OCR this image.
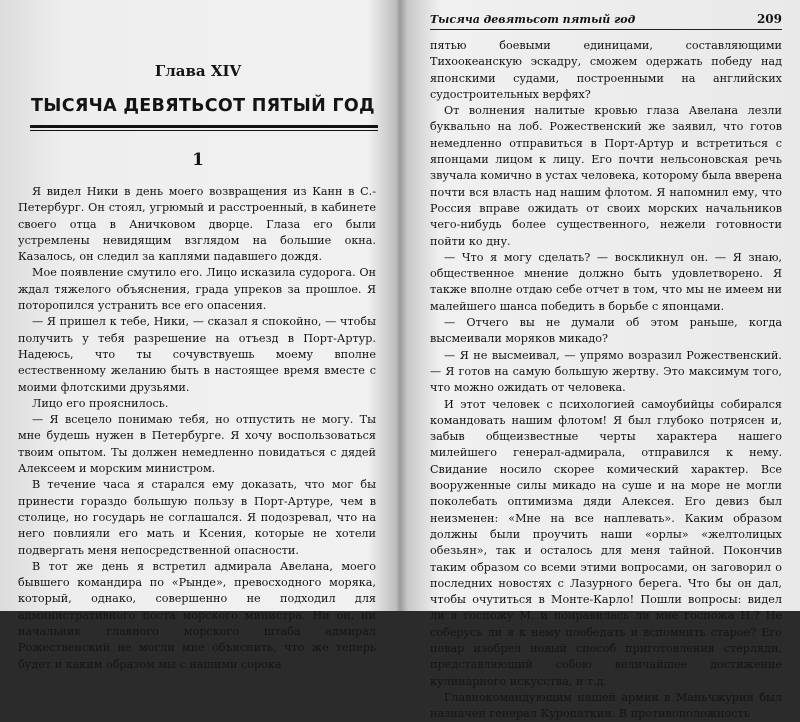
Глава XIV
ТЫСЯЧА ДЕВЯТЬСОТ ПЯТЫЙ ГОД
1

Я видел Ники в день моего возвращения из Канн в С.-Петербург. Он стоял, угрюмый и расстроенный, в кабинете своего отца в Аничковом дворце. Глаза его были устремлены невидящим взглядом на большие окна. Казалось, он следил за каплями падавшего дождя.

Мое появление смутило его. Лицо исказила судорога. Он ждал тяжелого объяснения, града упреков за прошлое. Я поторопился устранить все его опасения.

— Я пришел к тебе, Ники, — сказал я спокойно, — чтобы получить у тебя разрешение на отъезд в Порт-Артур. Надеюсь, что ты сочувствуешь моему вполне естественному желанию быть в настоящее время вместе с моими флотскими друзьями.

Лицо его прояснилось.

— Я всецело понимаю тебя, но отпустить не могу. Ты мне будешь нужен в Петербурге. Я хочу воспользоваться твоим опытом. Ты должен немедленно повидаться с дядей Алексеем и морским министром.

В течение часа я старался ему доказать, что мог бы принести гораздо большую пользу в Порт-Артуре, чем в столице, но государь не соглашался. Я подозревал, что на него повлияли его мать и Ксения, которые не хотели подвергать меня непосредственной опасности.

В тот же день я встретил адмирала Авелана, моего бывшего командира по «Рынде», превосходного моряка, который, однако, совершенно не подходил для административного поста морского министра. Ни он, ни начальник главного морского штаба адмирал Рожественский не могли мне объяснить, что же теперь будет и каким образом мы с нашими сорока

Тысяча девятьсот пятый год	209

пятью боевыми единицами, составляющими Тихоокеанскую эскадру, сможем одержать победу над японскими судами, построенными на английских судостроительных верфях?

От волнения налитые кровью глаза Авелана лезли буквально на лоб. Рожественский же заявил, что готов немедленно отправиться в Порт-Артур и встретиться с японцами лицом к лицу. Его почти нельсоновская речь звучала комично в устах человека, которому была вверена почти вся власть над нашим флотом. Я напомнил ему, что Россия вправе ожидать от своих морских начальников чего-нибудь более существенного, нежели готовности пойти ко дну.

— Что я могу сделать? — воскликнул он. — Я знаю, общественное мнение должно быть удовлетворено. Я также вполне отдаю себе отчет в том, что мы не имеем ни малейшего шанса победить в борьбе с японцами.

— Отчего вы не думали об этом раньше, когда высмеивали моряков микадо?

— Я не высмеивал, — упрямо возразил Рожественский. — Я готов на самую большую жертву. Это максимум того, что можно ожидать от человека.

И этот человек с психологией самоубийцы собирался командовать нашим флотом! Я был глубоко потрясен и, забыв общеизвестные черты характера нашего милейшего генерал-адмирала, отправился к нему. Свидание носило скорее комический характер. Все вооруженные силы микадо на суше и на море не могли поколебать оптимизма дяди Алексея. Его девиз был неизменен: «Мне на все наплевать». Каким образом должны были проучить наши «орлы» «желтолицых обезьян», так и осталось для меня тайной. Покончив таким образом со всеми этими вопросами, он заговорил о последних новостях с Лазурного берега. Что бы он дал, чтобы очутиться в Монте-Карло! Пошли вопросы: видел ли я госпожу М. и понравилась ли мне госпожа Н.? Не соберусь ли я к нему пообедать и вспомнить старое? Его повар изобрел новый способ приготовления стерляди, представляющий собою величайшее достижение кулинарного искусства, и т.д.

Главнокомандующим нашей армии в Маньчжурии был назначен генерал Куропаткин. В противоположность
